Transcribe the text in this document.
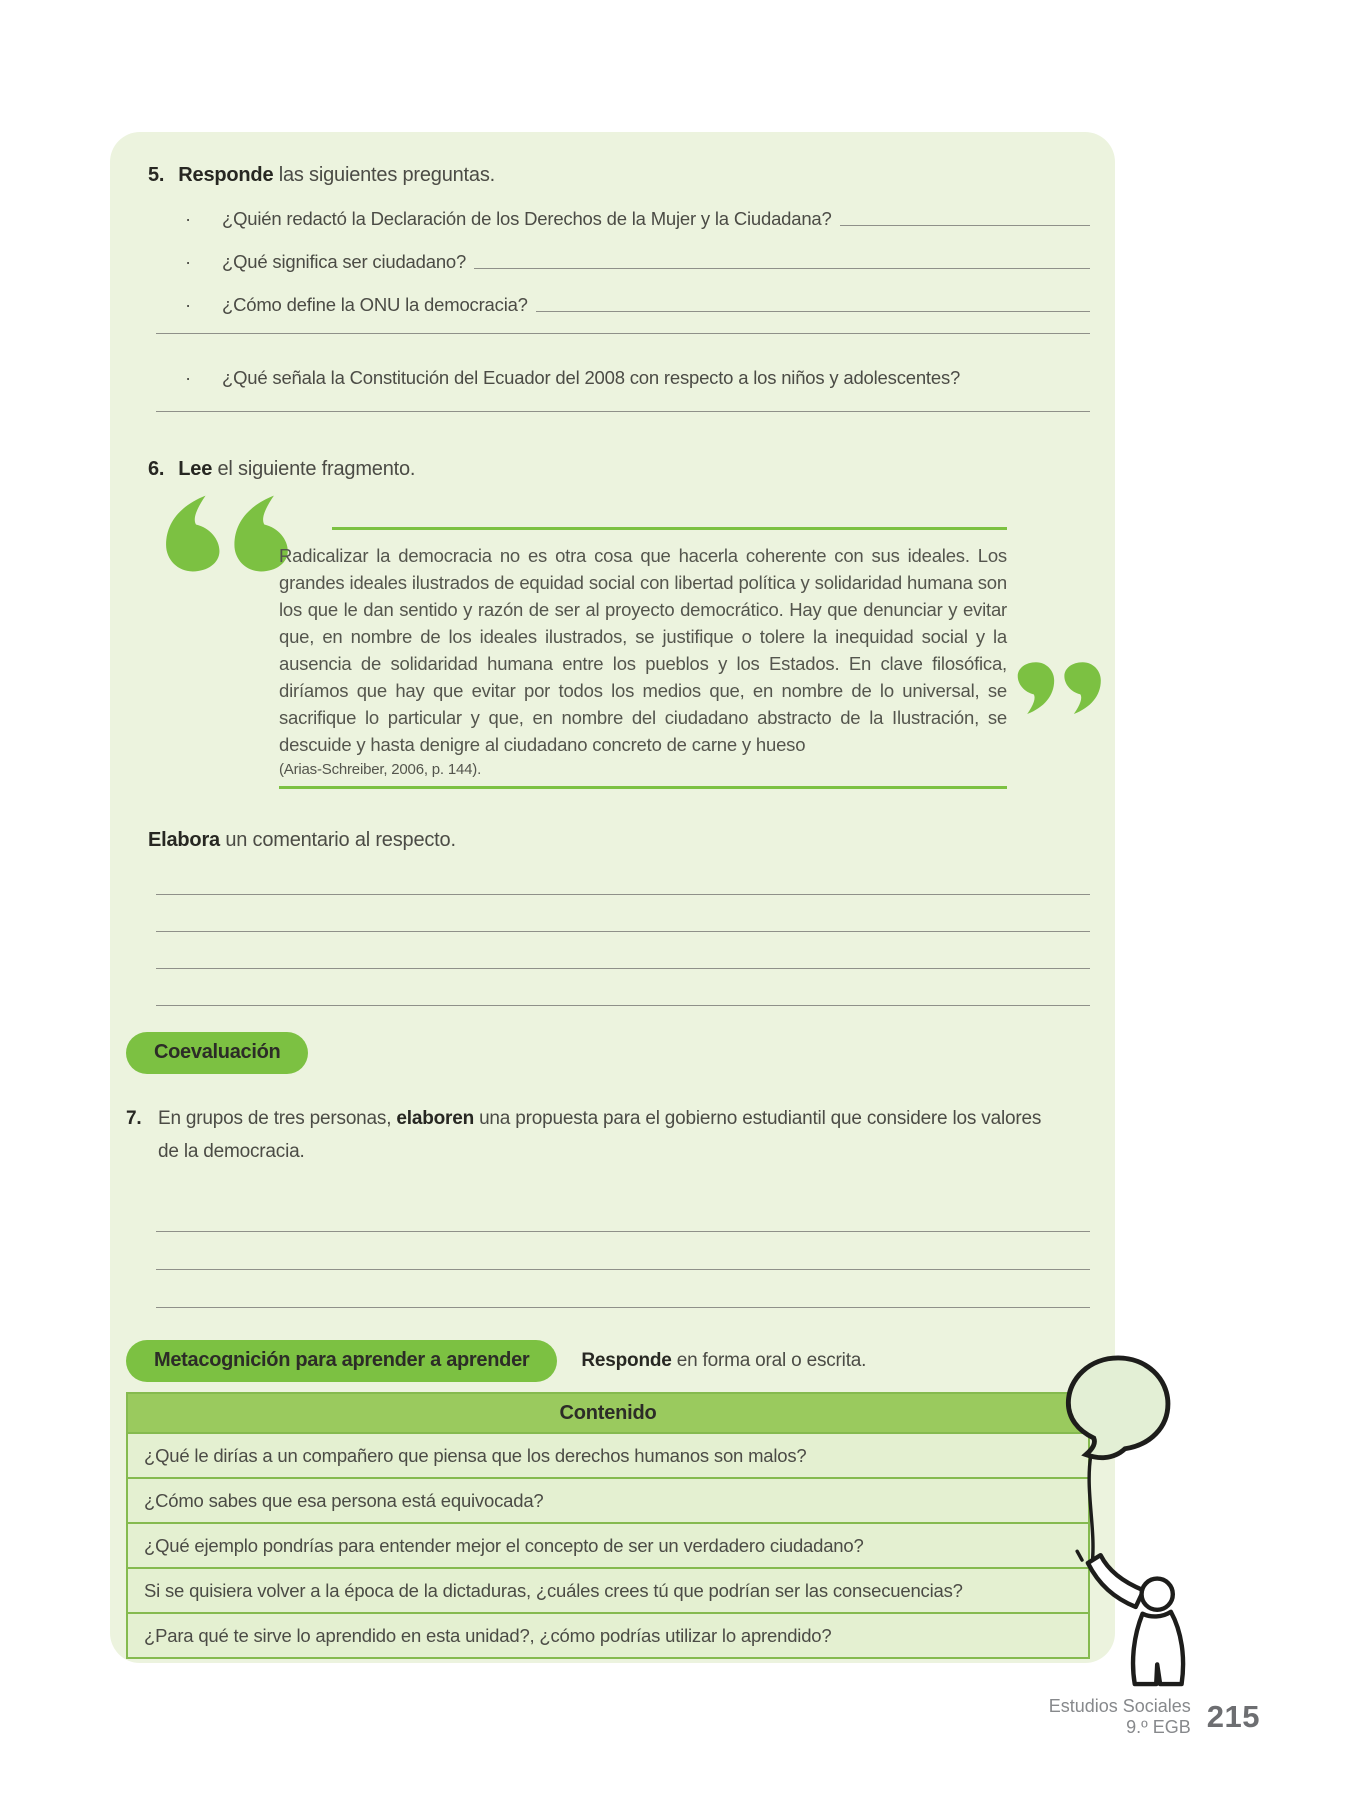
5. Responde las siguientes preguntas.
·	¿Quién redactó la Declaración de los Derechos de la Mujer y la Ciudadana?
·	¿Qué significa ser ciudadano?
·	¿Cómo define la ONU la democracia?
·	¿Qué señala la Constitución del Ecuador del 2008 con respecto a los niños y adolescentes?
6. Lee el siguiente fragmento.

Radicalizar la democracia no es otra cosa que hacerla coherente con sus ideales. Los grandes ideales ilustrados de equidad social con libertad política y solidaridad humana son los que le dan sentido y razón de ser al proyecto democrático. Hay que denunciar y evitar que, en nombre de los ideales ilustrados, se justifique o tolere la inequidad social y la ausencia de solidaridad humana entre los pueblos y los Estados. En clave filosófica, diríamos que hay que evitar por todos los medios que, en nombre de lo universal, se sacrifique lo particular y que, en nombre del ciudadano abstracto de la Ilustración, se descuide y hasta denigre al ciudadano concreto de carne y hueso

(Arias-Schreiber, 2006, p. 144).

Elabora un comentario al respecto.
Coevaluación
7. En grupos de tres personas, elaboren una propuesta para el gobierno estudiantil que considere los valores de la democracia.

Metacognición para aprender a aprender	Responde en forma oral o escrita.
Contenido
¿Qué le dirías a un compañero que piensa que los derechos humanos son malos?
¿Cómo sabes que esa persona está equivocada?
¿Qué ejemplo pondrías para entender mejor el concepto de ser un verdadero ciudadano?
Si se quisiera volver a la época de la dictaduras, ¿cuáles crees tú que podrían ser las consecuencias?
¿Para qué te sirve lo aprendido en esta unidad?, ¿cómo podrías utilizar lo aprendido?
Estudios Sociales
9.º EGB 215
